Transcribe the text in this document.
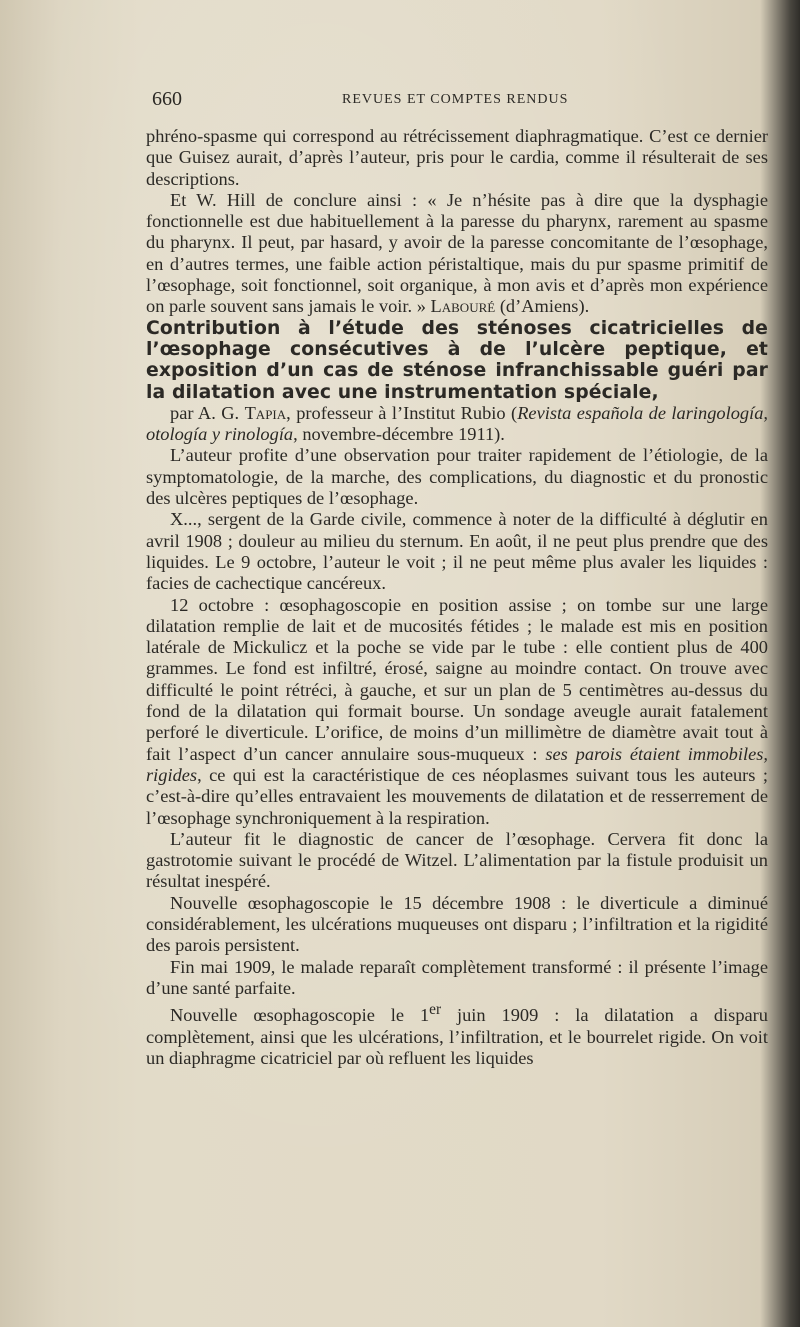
660	REVUES ET COMPTES RENDUS

phréno-spasme qui correspond au rétrécissement diaphragmatique. C’est ce dernier que Guisez aurait, d’après l’auteur, pris pour le cardia, comme il résulterait de ses descriptions.

Et W. Hill de conclure ainsi : « Je n’hésite pas à dire que la dysphagie fonctionnelle est due habituellement à la paresse du pharynx, rarement au spasme du pharynx. Il peut, par hasard, y avoir de la paresse concomitante de l’œsophage, en d’autres termes, une faible action péristaltique, mais du pur spasme primitif de l’œsophage, soit fonctionnel, soit organique, à mon avis et d’après mon expérience on parle souvent sans jamais le voir. » Labouré (d’Amiens).

Contribution à l’étude des sténoses cicatricielles de l’œsophage consécutives à de l’ulcère peptique, et exposition d’un cas de sténose infranchissable guéri par la dilatation avec une instrumentation spéciale,

par A. G. Tapia, professeur à l’Institut Rubio (Revista española de laringología, otología y rinología, novembre-décembre 1911).

L’auteur profite d’une observation pour traiter rapidement de l’étiologie, de la symptomatologie, de la marche, des complications, du diagnostic et du pronostic des ulcères peptiques de l’œsophage.

X..., sergent de la Garde civile, commence à noter de la difficulté à déglutir en avril 1908 ; douleur au milieu du sternum. En août, il ne peut plus prendre que des liquides. Le 9 octobre, l’auteur le voit ; il ne peut même plus avaler les liquides : facies de cachectique cancéreux.

12 octobre : œsophagoscopie en position assise ; on tombe sur une large dilatation remplie de lait et de mucosités fétides ; le malade est mis en position latérale de Mickulicz et la poche se vide par le tube : elle contient plus de 400 grammes. Le fond est infiltré, érosé, saigne au moindre contact. On trouve avec difficulté le point rétréci, à gauche, et sur un plan de 5 centimètres au-dessus du fond de la dilatation qui formait bourse. Un sondage aveugle aurait fatalement perforé le diverticule. L’orifice, de moins d’un millimètre de diamètre avait tout à fait l’aspect d’un cancer annulaire sous-muqueux : ses parois étaient immobiles, rigides, ce qui est la caractéristique de ces néoplasmes suivant tous les auteurs ; c’est-à-dire qu’elles entravaient les mouvements de dilatation et de resserrement de l’œsophage synchroniquement à la respiration.

L’auteur fit le diagnostic de cancer de l’œsophage. Cervera fit donc la gastrotomie suivant le procédé de Witzel. L’alimentation par la fistule produisit un résultat inespéré.

Nouvelle œsophagoscopie le 15 décembre 1908 : le diverticule a diminué considérablement, les ulcérations muqueuses ont disparu ; l’infiltration et la rigidité des parois persistent.

Fin mai 1909, le malade reparaît complètement transformé : il présente l’image d’une santé parfaite.

Nouvelle œsophagoscopie le 1er juin 1909 : la dilatation a disparu complètement, ainsi que les ulcérations, l’infiltration, et le bourrelet rigide. On voit un diaphragme cicatriciel par où refluent les liquides
